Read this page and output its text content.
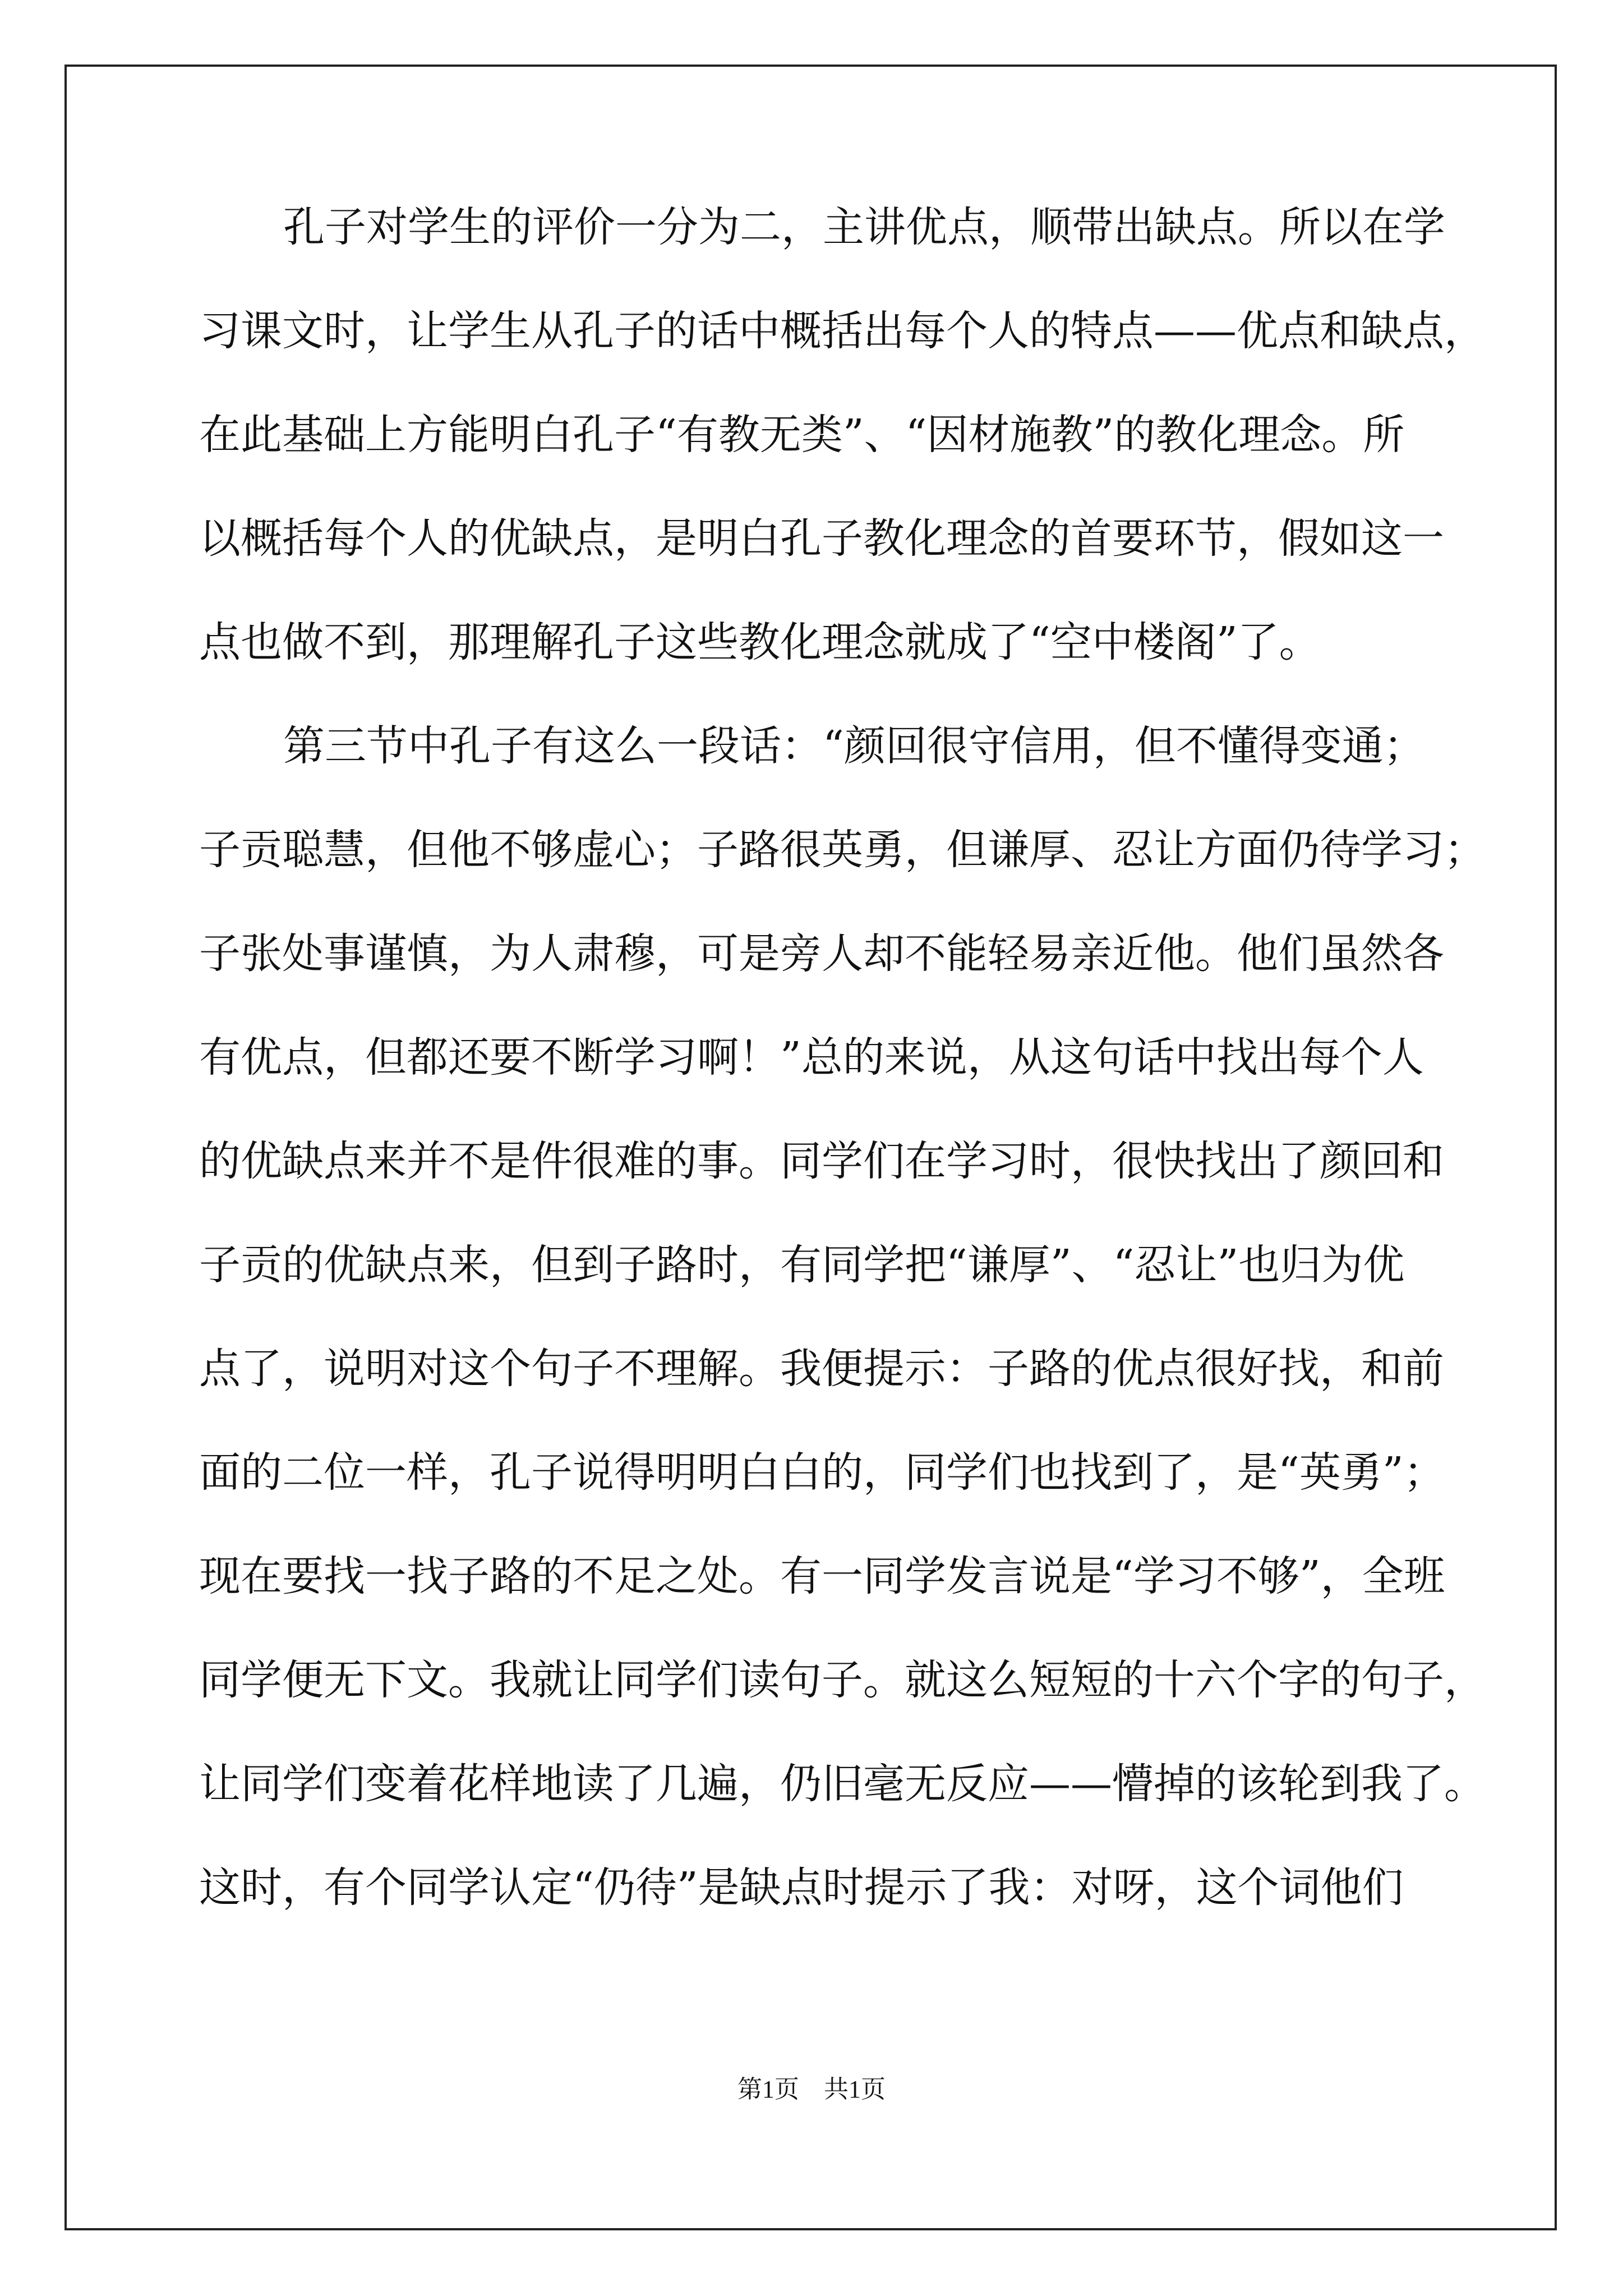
孔子对学生的评价一分为二，主讲优点，顺带出缺点。所以在学
习课文时，让学生从孔子的话中概括出每个人的特点——优点和缺点，
在此基础上方能明白孔子“有教无类”、“因材施教”的教化理念。所
以概括每个人的优缺点，是明白孔子教化理念的首要环节，假如这一
点也做不到，那理解孔子这些教化理念就成了“空中楼阁”了。
第三节中孔子有这么一段话：“颜回很守信用，但不懂得变通；
子贡聪慧，但他不够虚心；子路很英勇，但谦厚、忍让方面仍待学习；
子张处事谨慎，为人肃穆，可是旁人却不能轻易亲近他。他们虽然各
有优点，但都还要不断学习啊！”总的来说，从这句话中找出每个人
的优缺点来并不是件很难的事。同学们在学习时，很快找出了颜回和
子贡的优缺点来，但到子路时，有同学把“谦厚”、“忍让”也归为优
点了，说明对这个句子不理解。我便提示：子路的优点很好找，和前
面的二位一样，孔子说得明明白白的，同学们也找到了，是“英勇”；
现在要找一找子路的不足之处。有一同学发言说是“学习不够”，全班
同学便无下文。我就让同学们读句子。就这么短短的十六个字的句子，
让同学们变着花样地读了几遍，仍旧毫无反应——懵掉的该轮到我了。
这时，有个同学认定“仍待”是缺点时提示了我：对呀，这个词他们
第1页　共1页
